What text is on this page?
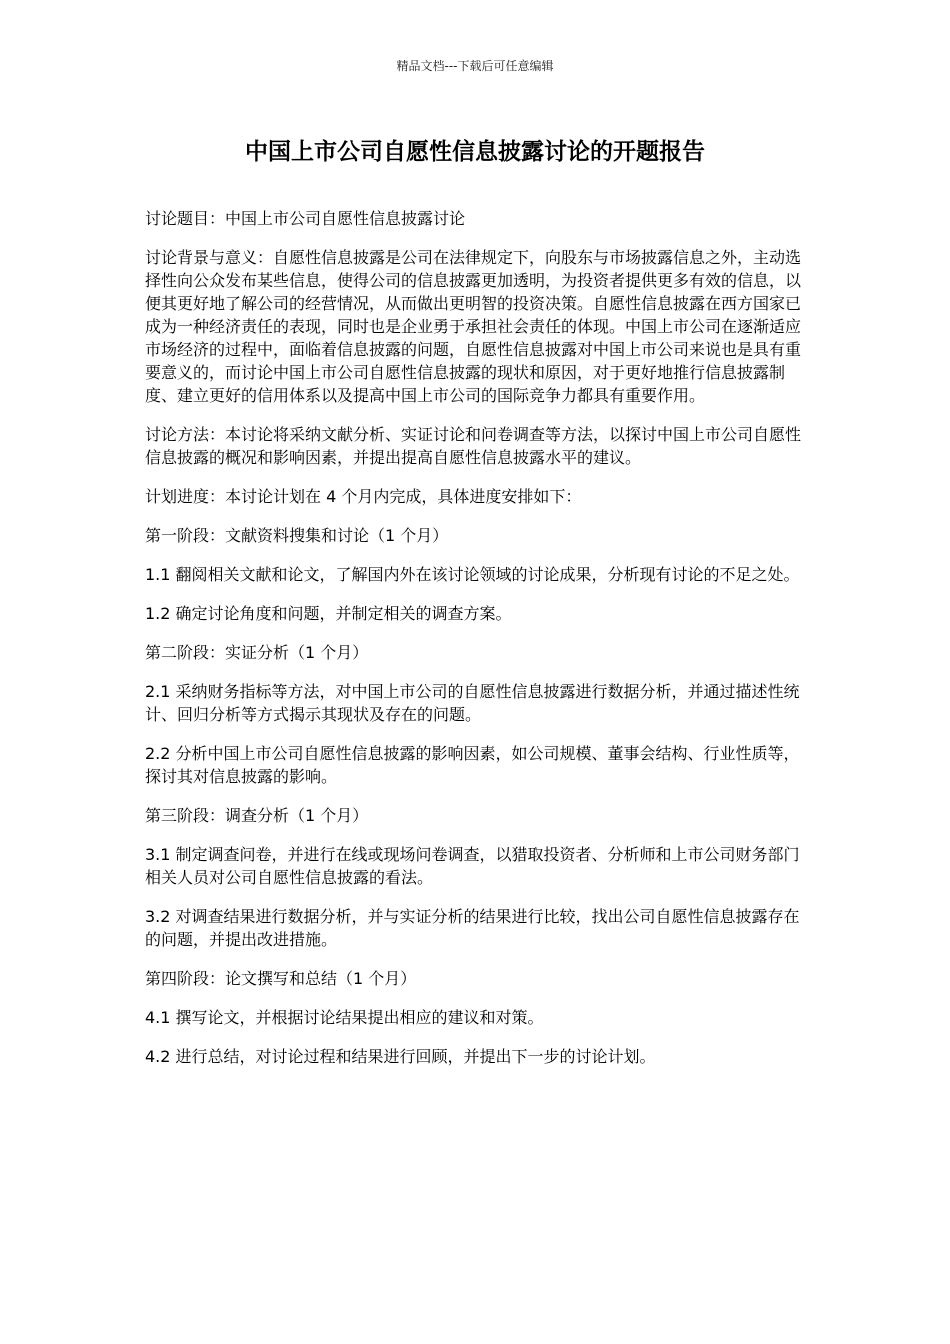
精品文档---下载后可任意编辑
中国上市公司自愿性信息披露讨论的开题报告

讨论题目：中国上市公司自愿性信息披露讨论

讨论背景与意义：自愿性信息披露是公司在法律规定下，向股东与市场披露信息之外，主动选择性向公众发布某些信息，使得公司的信息披露更加透明，为投资者提供更多有效的信息，以便其更好地了解公司的经营情况，从而做出更明智的投资决策。自愿性信息披露在西方国家已成为一种经济责任的表现，同时也是企业勇于承担社会责任的体现。中国上市公司在逐渐适应市场经济的过程中，面临着信息披露的问题，自愿性信息披露对中国上市公司来说也是具有重要意义的，而讨论中国上市公司自愿性信息披露的现状和原因，对于更好地推行信息披露制度、建立更好的信用体系以及提高中国上市公司的国际竞争力都具有重要作用。

讨论方法：本讨论将采纳文献分析、实证讨论和问卷调查等方法，以探讨中国上市公司自愿性信息披露的概况和影响因素，并提出提高自愿性信息披露水平的建议。

计划进度：本讨论计划在 4 个月内完成，具体进度安排如下：

第一阶段：文献资料搜集和讨论（1 个月）

1.1 翻阅相关文献和论文，了解国内外在该讨论领域的讨论成果，分析现有讨论的不足之处。

1.2 确定讨论角度和问题，并制定相关的调查方案。

第二阶段：实证分析（1 个月）

2.1 采纳财务指标等方法，对中国上市公司的自愿性信息披露进行数据分析，并通过描述性统计、回归分析等方式揭示其现状及存在的问题。

2.2 分析中国上市公司自愿性信息披露的影响因素，如公司规模、董事会结构、行业性质等，探讨其对信息披露的影响。

第三阶段：调查分析（1 个月）

3.1 制定调查问卷，并进行在线或现场问卷调查，以猎取投资者、分析师和上市公司财务部门相关人员对公司自愿性信息披露的看法。

3.2 对调查结果进行数据分析，并与实证分析的结果进行比较，找出公司自愿性信息披露存在的问题，并提出改进措施。

第四阶段：论文撰写和总结（1 个月）

4.1 撰写论文，并根据讨论结果提出相应的建议和对策。

4.2 进行总结，对讨论过程和结果进行回顾，并提出下一步的讨论计划。
